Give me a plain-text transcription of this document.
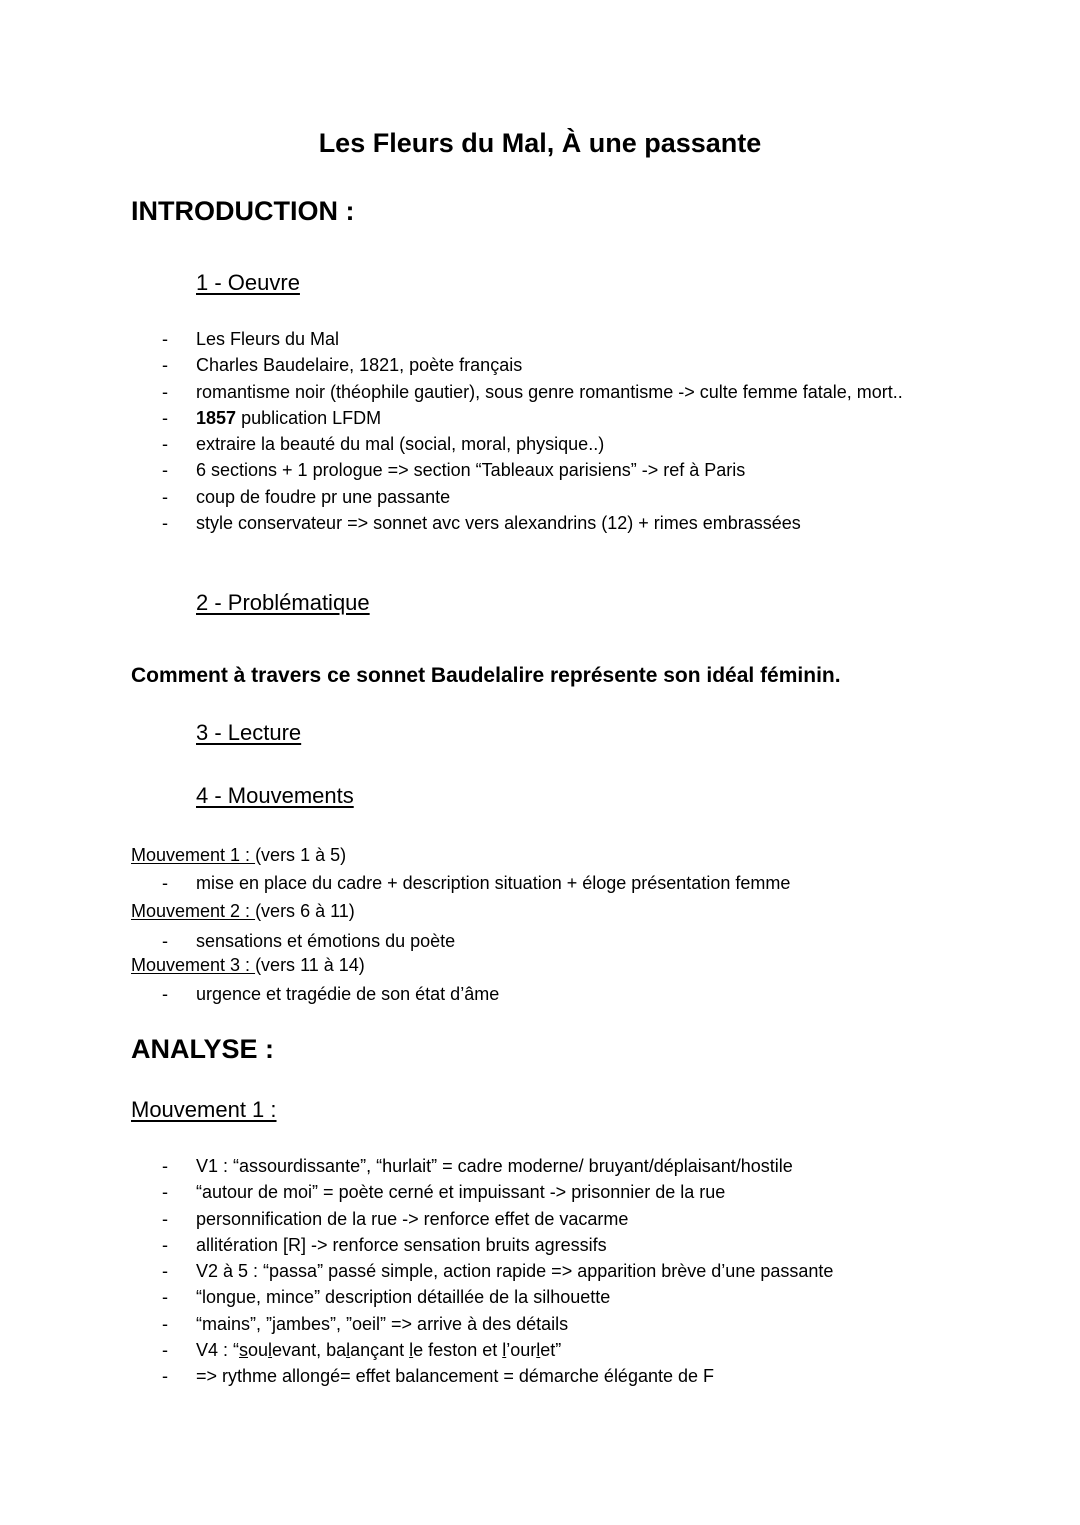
Les Fleurs du Mal, À une passante
INTRODUCTION :
1 - Oeuvre
- Les Fleurs du Mal
- Charles Baudelaire, 1821, poète français
- romantisme noir (théophile gautier), sous genre romantisme -> culte femme fatale, mort..
- 1857 publication LFDM
- extraire la beauté du mal (social, moral, physique..)
- 6 sections + 1 prologue => section “Tableaux parisiens” -> ref à Paris
- coup de foudre pr une passante
- style conservateur => sonnet avc vers alexandrins (12) + rimes embrassées
2 - Problématique
Comment à travers ce sonnet Baudelalire représente son idéal féminin.
3 - Lecture
4 - Mouvements
Mouvement 1 : (vers 1 à 5)
- mise en place du cadre + description situation + éloge présentation femme
Mouvement 2 : (vers 6 à 11)
- sensations et émotions du poète
Mouvement 3 : (vers 11 à 14)
- urgence et tragédie de son état d’âme
ANALYSE :
Mouvement 1 :
- V1 : “assourdissante”, “hurlait” = cadre moderne/ bruyant/déplaisant/hostile
- “autour de moi” = poète cerné et impuissant -> prisonnier de la rue
- personnification de la rue -> renforce effet de vacarme
- allitération [R] -> renforce sensation bruits agressifs
- V2 à 5 : “passa” passé simple, action rapide => apparition brève d’une passante
- “longue, mince” description détaillée de la silhouette
- “mains”, ”jambes”, ”oeil” => arrive à des détails
- V4 : “soulevant, balançant le feston et l’ourlet”
- => rythme allongé= effet balancement = démarche élégante de F
